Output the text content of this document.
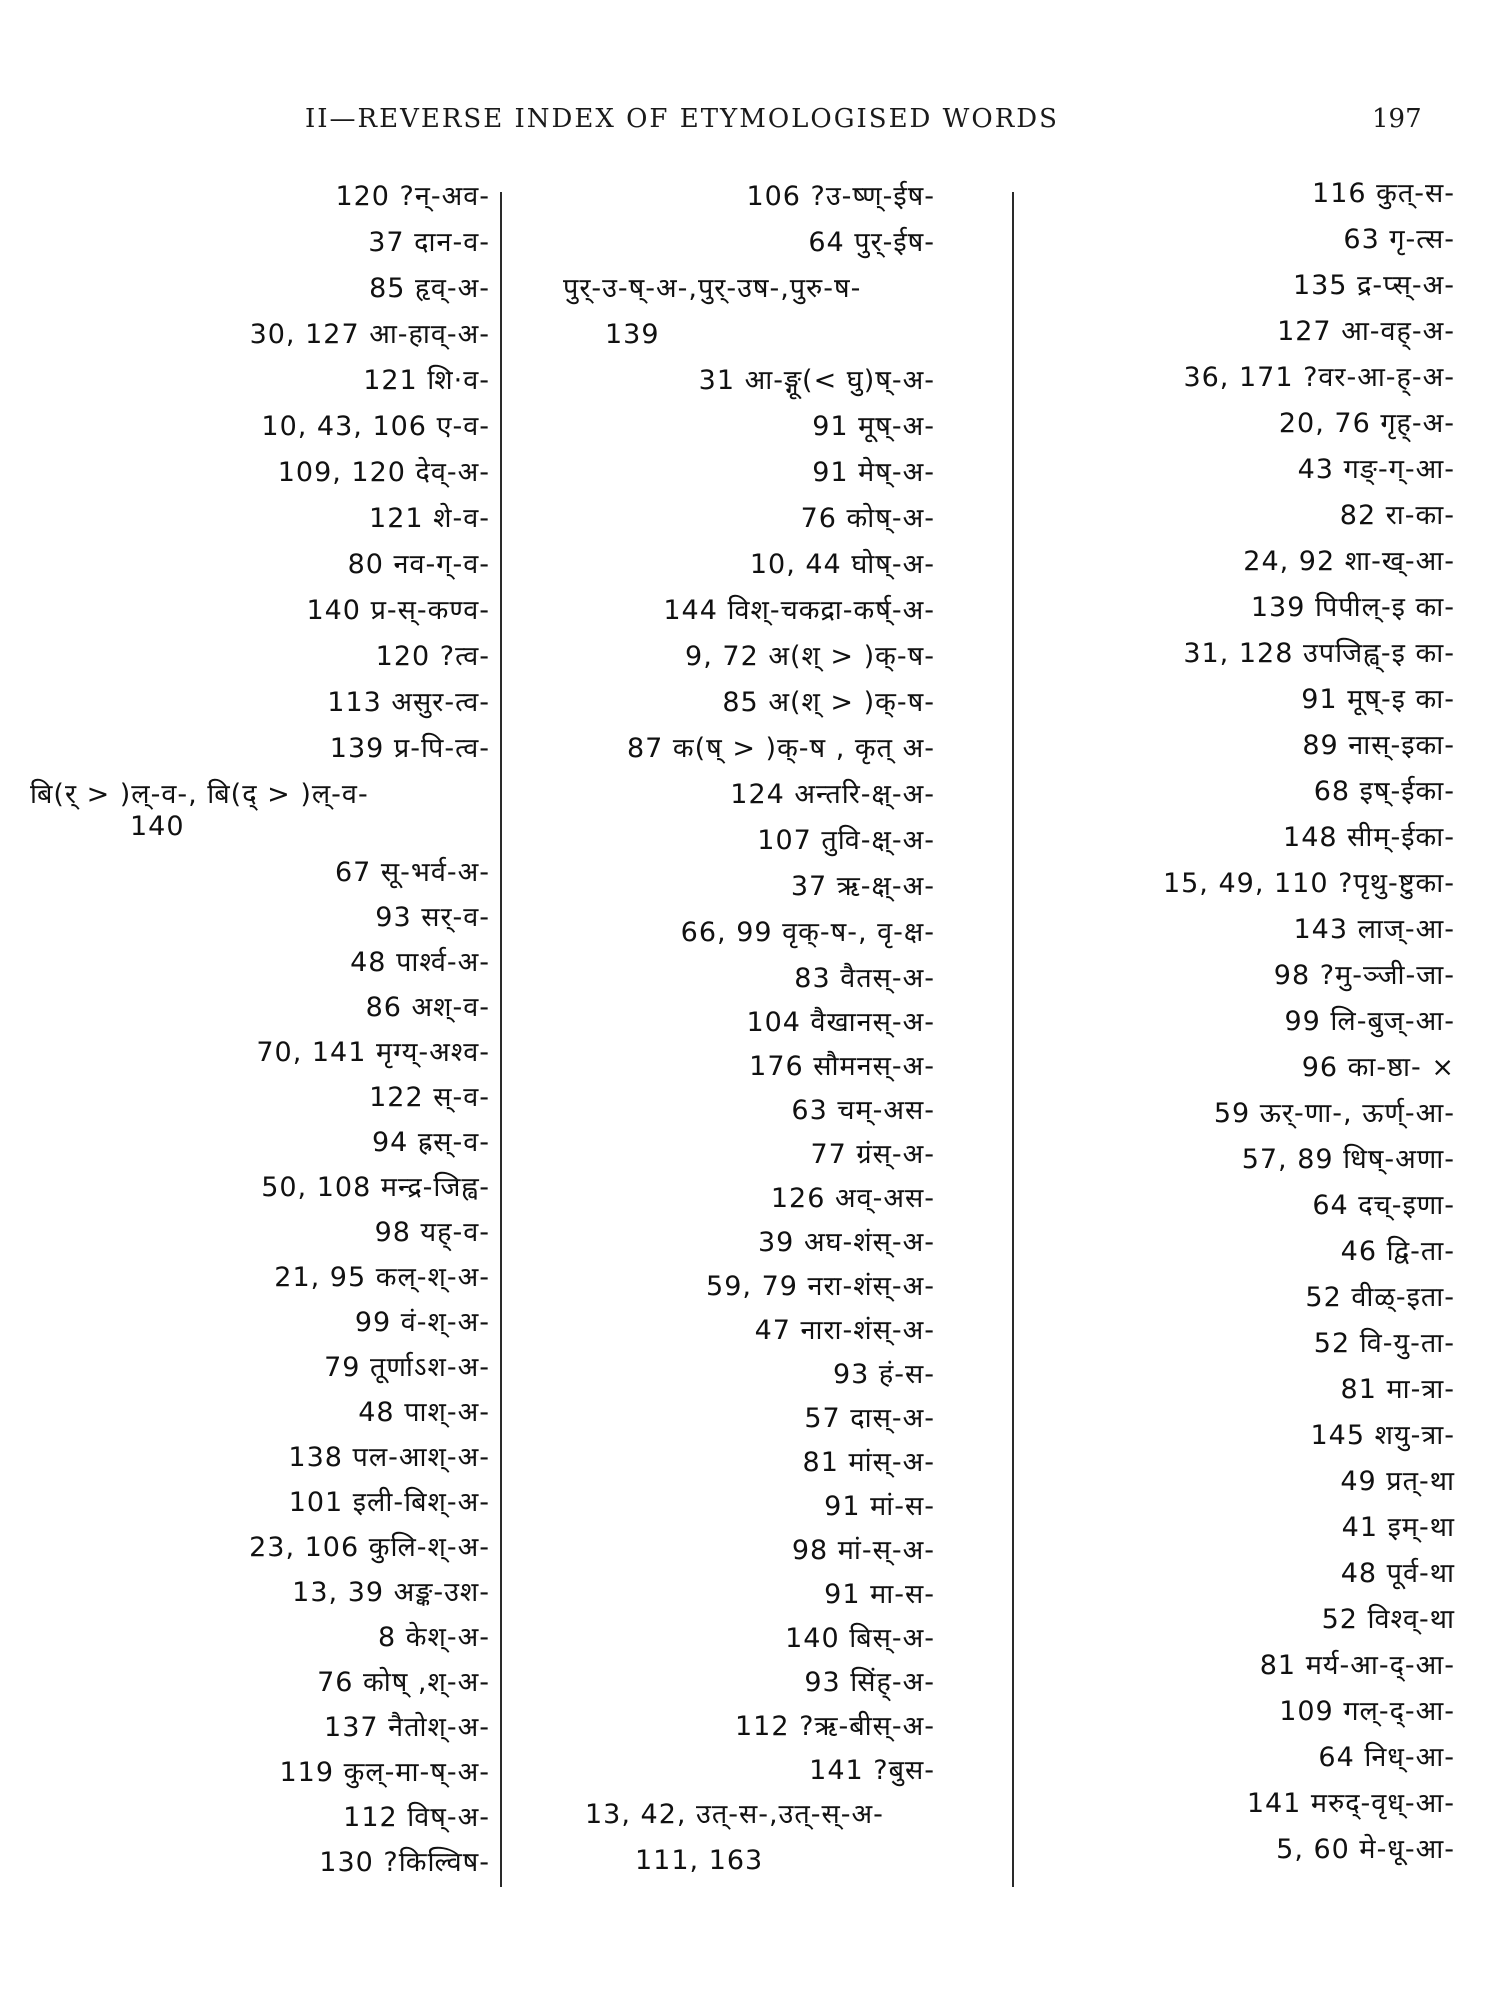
II—REVERSE INDEX OF ETYMOLOGISED WORDS	197
120 ?न्-अव-
37 दान-व-
85 हृव्-अ-
30, 127 आ-हाव्-अ-
121 शि·व-
10, 43, 106 ए-व-
109, 120 देव्-अ-
121 शे-व-
80 नव-ग्-व-
140 प्र-स्-कण्व-
120 ?त्व-
113 असुर-त्व-
139 प्र-पि-त्व-
बि(र् > )ल्-व-, बि(द् > )ल्-व-
140
67 सू-भर्व-अ-
93 सर्-व-
48 पार्श्व-अ-
86 अश्-व-
70, 141 मृग्य्-अश्व-
122 स्-व-
94 ह्रस्-व-
50, 108 मन्द्र-जिह्व-
98 यह्-व-
21, 95 कल्-श्-अ-
99 वं-श्-अ-
79 तूर्णाऽश-अ-
48 पाश्-अ-
138 पल-आश्-अ-
101 इली-बिश्-अ-
23, 106 कुलि-श्-अ-
13, 39 अङ्क-उश-
8 केश्-अ-
76 कोष् ,श्-अ-
137 नैतोश्-अ-
119 कुल्-मा-ष्-अ-
112 विष्-अ-
130 ?किल्विष-
106 ?उ-ष्ण्-ईष-
64 पुर्-ईष-
पुर्-उ-ष्-अ-,पुर्-उष-,पुरु-ष-
139
31 आ-ङ्गू(< घु)ष्-अ-
91 मूष्-अ-
91 मेष्-अ-
76 कोष्-अ-
10, 44 घोष्-अ-
144 विश्-चकद्रा-कर्ष्-अ-
9, 72 अ(श् > )क्-ष-
85 अ(श् > )क्-ष-
87 क(ष् > )क्-ष , कृत् अ-
124 अन्तरि-क्ष्-अ-
107 तुवि-क्ष्-अ-
37 ऋ-क्ष्-अ-
66, 99 वृक्-ष-, वृ-क्ष-
83 वैतस्-अ-
104 वैखानस्-अ-
176 सौमनस्-अ-
63 चम्-अस-
77 ग्रंस्-अ-
126 अव्-अस-
39 अघ-शंस्-अ-
59, 79 नरा-शंस्-अ-
47 नारा-शंस्-अ-
93 हं-स-
57 दास्-अ-
81 मांस्-अ-
91 मां-स-
98 मां-स्-अ-
91 मा-स-
140 बिस्-अ-
93 सिंह्-अ-
112 ?ऋ-बीस्-अ-
141 ?बुस-
13, 42, उत्-स-,उत्-स्-अ-
111, 163
116 कुत्-स-
63 गृ-त्स-
135 द्र-प्स्-अ-
127 आ-वह्-अ-
36, 171 ?वर-आ-ह्-अ-
20, 76 गृह्-अ-
43 गङ्-ग्-आ-
82 रा-का-
24, 92 शा-ख्-आ-
139 पिपील्-इ का-
31, 128 उपजिह्व्-इ का-
91 मूष्-इ का-
89 नास्-इका-
68 इष्-ईका-
148 सीम्-ईका-
15, 49, 110 ?पृथु-ष्टुका-
143 लाज्-आ-
98 ?मु-ञ्जी-जा-
99 लि-बुज्-आ-
96 का-ष्ठा- ×
59 ऊर्-णा-, ऊर्ण्-आ-
57, 89 धिष्-अणा-
64 दच्-इणा-
46 द्वि-ता-
52 वीळ्-इता-
52 वि-यु-ता-
81 मा-त्रा-
145 शयु-त्रा-
49 प्रत्-था
41 इम्-था
48 पूर्व-था
52 विश्व्-था
81 मर्य-आ-द्-आ-
109 गल्-द्-आ-
64 निध्-आ-
141 मरुद्-वृध्-आ-
5, 60 मे-धू-आ-
